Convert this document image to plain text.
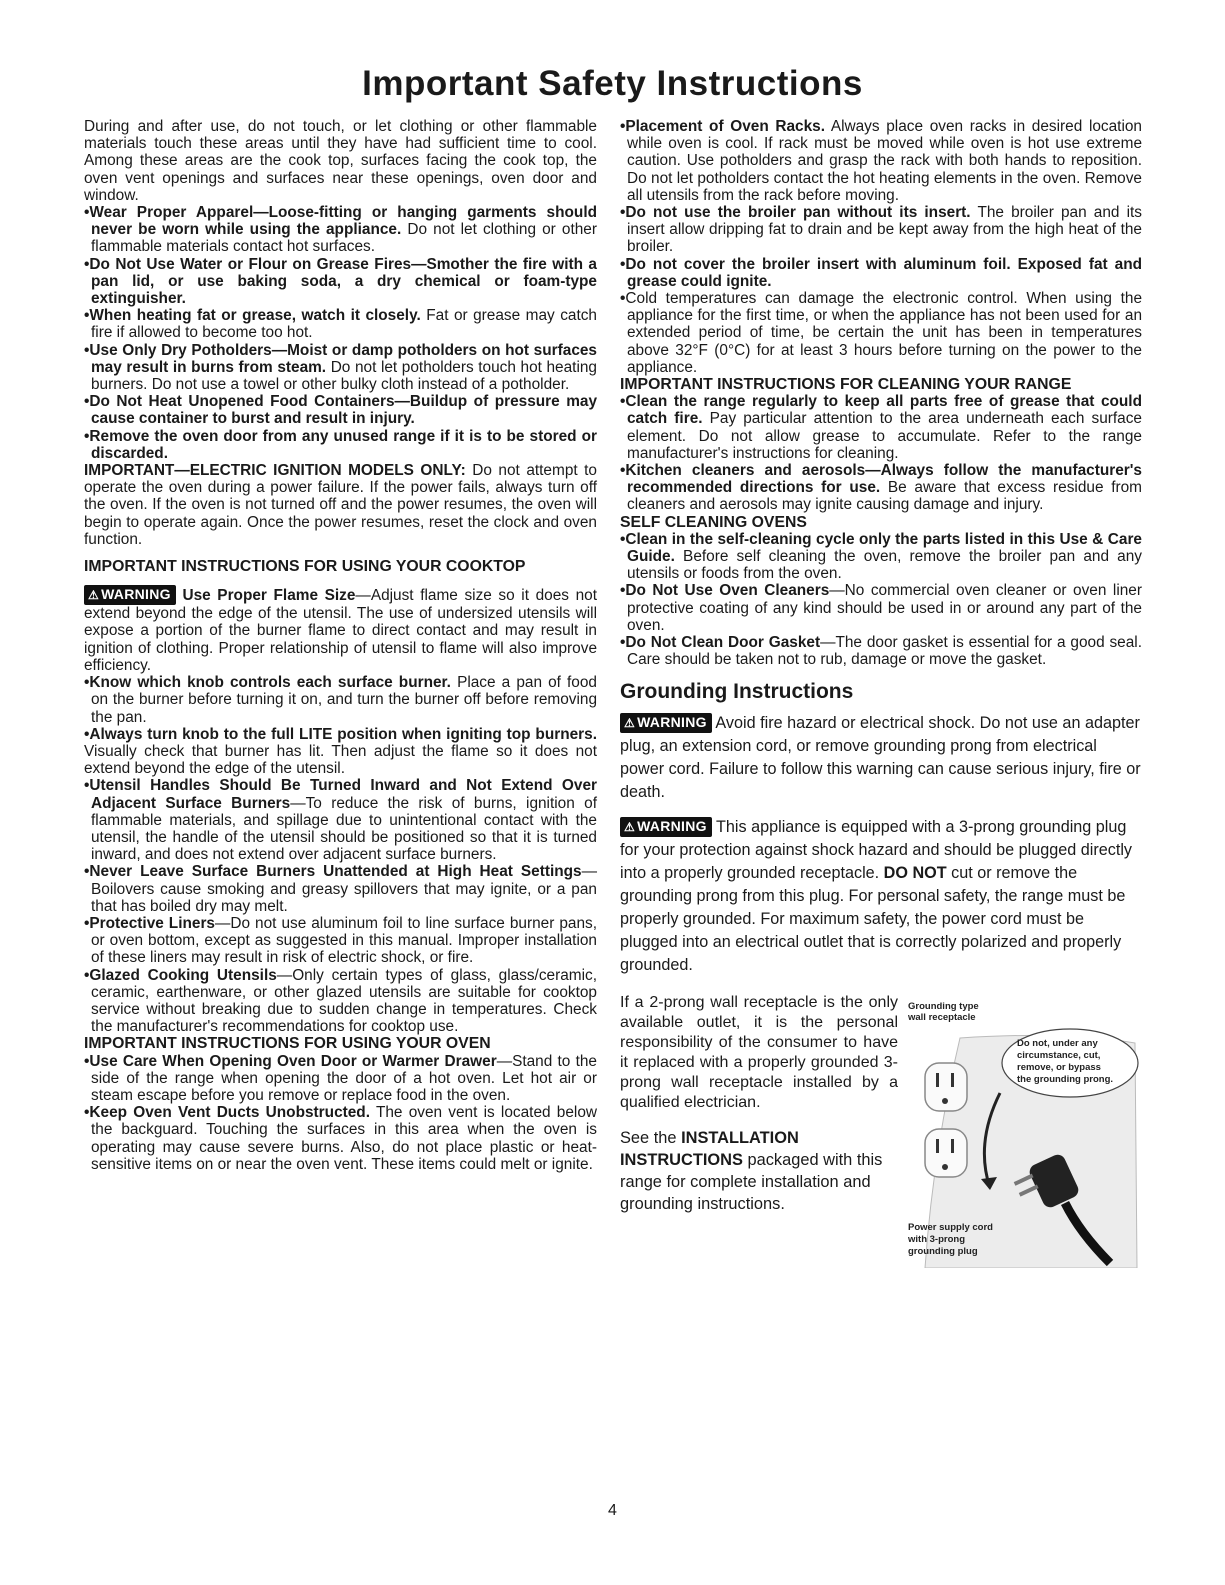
Important Safety Instructions

During and after use, do not touch, or let clothing or other flammable materials touch these areas until they have had sufficient time to cool. Among these areas are the cook top, surfaces facing the cook top, the oven vent openings and surfaces near these openings, oven door and window.

• Wear Proper Apparel—Loose-fitting or hanging garments should never be worn while using the appliance. Do not let clothing or other flammable materials contact hot surfaces.

• Do Not Use Water or Flour on Grease Fires—Smother the fire with a pan lid, or use baking soda, a dry chemical or foam-type extinguisher.

• When heating fat or grease, watch it closely. Fat or grease may catch fire if allowed to become too hot.

• Use Only Dry Potholders—Moist or damp potholders on hot surfaces may result in burns from steam. Do not let potholders touch hot heating burners. Do not use a towel or other bulky cloth instead of a potholder.

• Do Not Heat Unopened Food Containers—Buildup of pressure may cause container to burst and result in injury.

• Remove the oven door from any unused range if it is to be stored or discarded.

IMPORTANT—ELECTRIC IGNITION MODELS ONLY: Do not attempt to operate the oven during a power failure. If the power fails, always turn off the oven. If the oven is not turned off and the power resumes, the oven will begin to operate again. Once the power resumes, reset the clock and oven function.

IMPORTANT INSTRUCTIONS FOR USING YOUR COOKTOP

⚠ WARNING Use Proper Flame Size—Adjust flame size so it does not extend beyond the edge of the utensil. The use of undersized utensils will expose a portion of the burner flame to direct contact and may result in ignition of clothing. Proper relationship of utensil to flame will also improve efficiency.

• Know which knob controls each surface burner. Place a pan of food on the burner before turning it on, and turn the burner off before removing the pan.

•Always turn knob to the full LITE position when igniting top burners. Visually check that burner has lit. Then adjust the flame so it does not extend beyond the edge of the utensil.

• Utensil Handles Should Be Turned Inward and Not Extend Over Adjacent Surface Burners—To reduce the risk of burns, ignition of flammable materials, and spillage due to unintentional contact with the utensil, the handle of the utensil should be positioned so that it is turned inward, and does not extend over adjacent surface burners.

• Never Leave Surface Burners Unattended at High Heat Settings—Boilovers cause smoking and greasy spillovers that may ignite, or a pan that has boiled dry may melt.

• Protective Liners—Do not use aluminum foil to line surface burner pans, or oven bottom, except as suggested in this manual. Improper installation of these liners may result in risk of electric shock, or fire.

• Glazed Cooking Utensils—Only certain types of glass, glass/ceramic, ceramic, earthenware, or other glazed utensils are suitable for cooktop service without breaking due to sudden change in temperatures. Check the manufacturer's recommendations for cooktop use.

IMPORTANT INSTRUCTIONS FOR USING YOUR OVEN

• Use Care When Opening Oven Door or Warmer Drawer—Stand to the side of the range when opening the door of a hot oven. Let hot air or steam escape before you remove or replace food in the oven.

• Keep Oven Vent Ducts Unobstructed. The oven vent is located below the backguard. Touching the surfaces in this area when the oven is operating may cause severe burns. Also, do not place plastic or heat-sensitive items on or near the oven vent. These items could melt or ignite.

• Placement of Oven Racks. Always place oven racks in desired location while oven is cool. If rack must be moved while oven is hot use extreme caution. Use potholders and grasp the rack with both hands to reposition. Do not let potholders contact the hot heating elements in the oven. Remove all utensils from the rack before moving.

• Do not use the broiler pan without its insert. The broiler pan and its insert allow dripping fat to drain and be kept away from the high heat of the broiler.

• Do not cover the broiler insert with aluminum foil. Exposed fat and grease could ignite.

• Cold temperatures can damage the electronic control. When using the appliance for the first time, or when the appliance has not been used for an extended period of time, be certain the unit has been in temperatures above 32°F (0°C) for at least 3 hours before turning on the power to the appliance.

IMPORTANT INSTRUCTIONS FOR CLEANING YOUR RANGE

• Clean the range regularly to keep all parts free of grease that could catch fire. Pay particular attention to the area underneath each surface element. Do not allow grease to accumulate. Refer to the range manufacturer's instructions for cleaning.

• Kitchen cleaners and aerosols—Always follow the manufacturer's recommended directions for use. Be aware that excess residue from cleaners and aerosols may ignite causing damage and injury.

SELF CLEANING OVENS

• Clean in the self-cleaning cycle only the parts listed in this Use & Care Guide. Before self cleaning the oven, remove the broiler pan and any utensils or foods from the oven.

• Do Not Use Oven Cleaners—No commercial oven cleaner or oven liner protective coating of any kind should be used in or around any part of the oven.

• Do Not Clean Door Gasket—The door gasket is essential for a good seal. Care should be taken not to rub, damage or move the gasket.

Grounding Instructions

⚠ WARNING Avoid fire hazard or electrical shock. Do not use an adapter plug, an extension cord, or remove grounding prong from electrical power cord. Failure to follow this warning can cause serious injury, fire or death.

⚠ WARNING This appliance is equipped with a 3-prong grounding plug for your protection against shock hazard and should be plugged directly into a properly grounded receptacle. DO NOT cut or remove the grounding prong from this plug. For personal safety, the range must be properly grounded. For maximum safety, the power cord must be plugged into an electrical outlet that is correctly polarized and properly grounded.

If a 2-prong wall receptacle is the only available outlet, it is the personal responsibility of the consumer to have it replaced with a properly grounded 3-prong wall receptacle installed by a qualified electrician.

See the INSTALLATION INSTRUCTIONS packaged with this range for complete installation and grounding instructions.

Grounding type wall receptacle
Do not, under any circumstance, cut, remove, or bypass the grounding prong.
Power supply cord with 3-prong grounding plug
4
